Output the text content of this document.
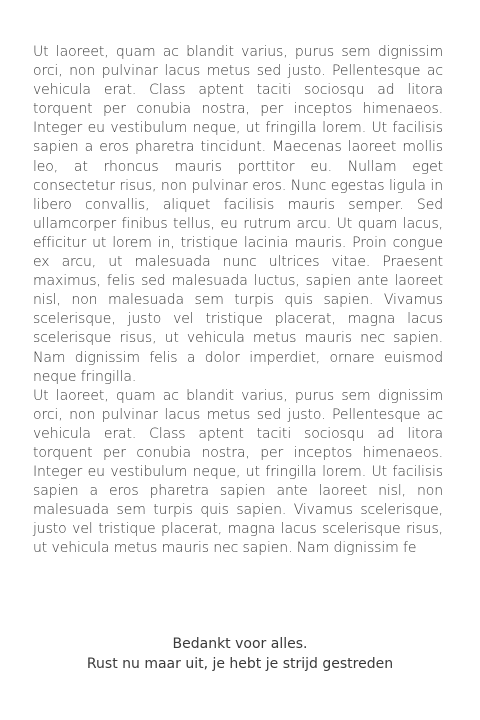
Ut laoreet, quam ac blandit varius, purus sem dignissim orci, non pulvinar lacus metus sed justo. Pellentesque ac vehicula erat. Class aptent taciti sociosqu ad litora torquent per conubia nostra, per inceptos himenaeos. Integer eu vestibulum neque, ut fringilla lorem. Ut facilisis sapien a eros pharetra tincidunt. Maecenas laoreet mollis leo, at rhoncus mauris porttitor eu. Nullam eget consectetur risus, non pulvinar eros. Nunc egestas ligula in libero convallis, aliquet facilisis mauris semper. Sed ullamcorper finibus tellus, eu rutrum arcu. Ut quam lacus, efficitur ut lorem in, tristique lacinia mauris. Proin congue ex arcu, ut malesuada nunc ultrices vitae. Praesent maximus, felis sed malesuada luctus, sapien ante laoreet nisl, non malesuada sem turpis quis sapien. Vivamus scelerisque, justo vel tristique placerat, magna lacus scelerisque risus, ut vehicula metus mauris nec sapien. Nam dignissim felis a dolor imperdiet, ornare euismod neque fringilla.

Ut laoreet, quam ac blandit varius, purus sem dignissim orci, non pulvinar lacus metus sed justo. Pellentesque ac vehicula erat. Class aptent taciti sociosqu ad litora torquent per conubia nostra, per inceptos himenaeos. Integer eu vestibulum neque, ut fringilla lorem. Ut facilisis sapien a eros pharetra sapien ante laoreet nisl, non malesuada sem turpis quis sapien. Vivamus scelerisque, justo vel tristique placerat, magna lacus scelerisque risus, ut vehicula metus mauris nec sapien. Nam dignissim fe

Bedankt voor alles.

Rust nu maar uit, je hebt je strijd gestreden
